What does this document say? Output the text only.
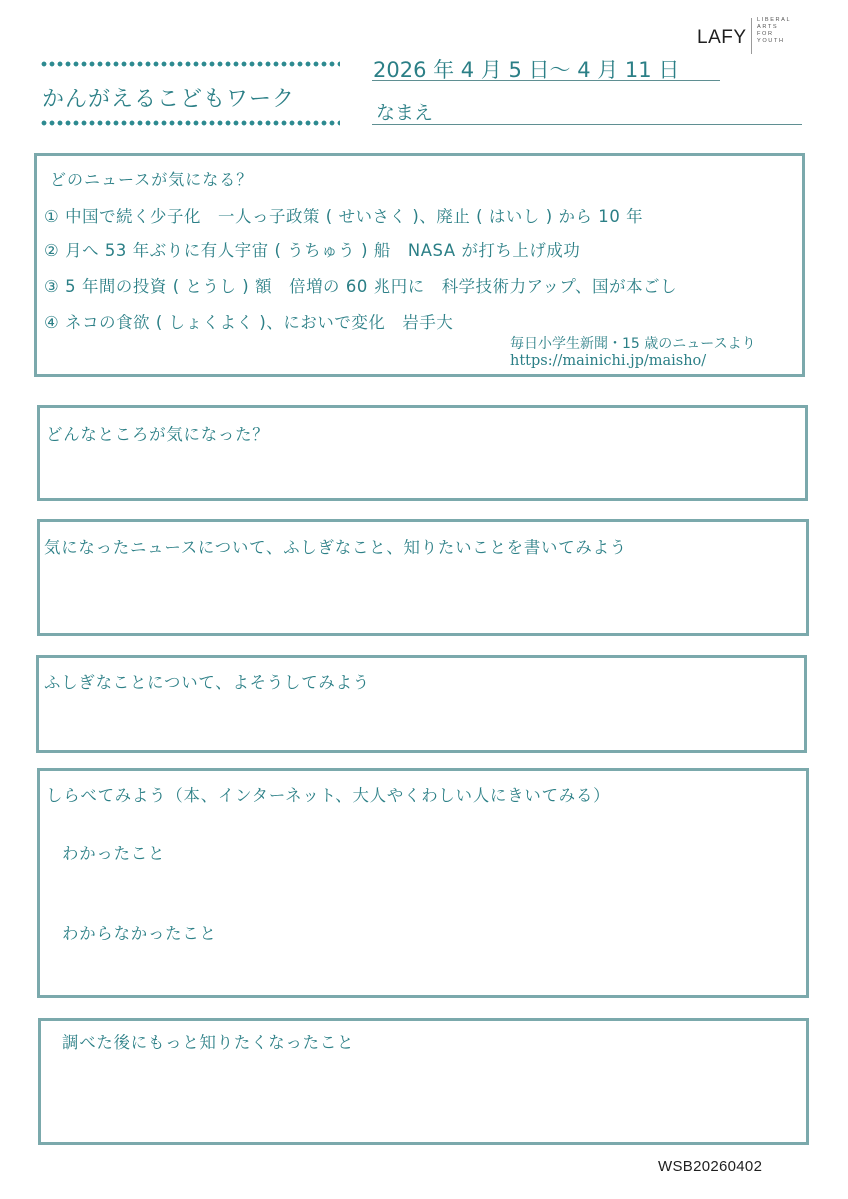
かんがえるこどもワーク
2026 年 4 月 5 日～ 4 月 11 日
なまえ
LAFY
LIBERAL
ARTS
FOR
YOUTH
どのニュースが気になる？
① 中国で続く少子化　一人っ子政策 ( せいさく )、廃止 ( はいし ) から 10 年
② 月へ 53 年ぶりに有人宇宙 ( うちゅう ) 船　NASA が打ち上げ成功
③ 5 年間の投資 ( とうし ) 額　倍増の 60 兆円に　科学技術力アップ、国が本ごし
④ ネコの食欲 ( しょくよく )、においで変化　岩手大
毎日小学生新聞・15 歳のニュースより
https://mainichi.jp/maisho/
どんなところが気になった？
気になったニュースについて、ふしぎなこと、知りたいことを書いてみよう
ふしぎなことについて、よそうしてみよう
しらべてみよう（本、インターネット、大人やくわしい人にきいてみる）
わかったこと
わからなかったこと
調べた後にもっと知りたくなったこと
WSB20260402
